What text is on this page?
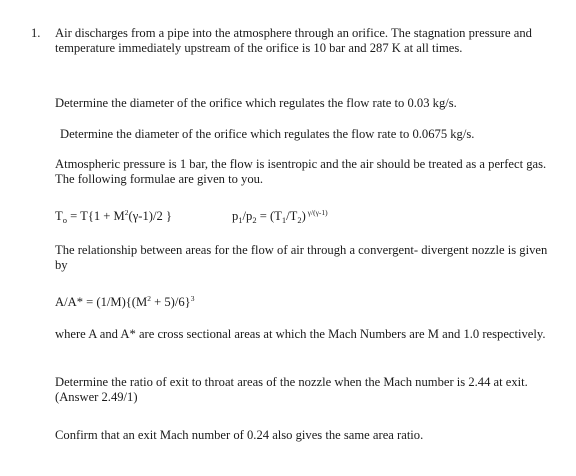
1. Air discharges from a pipe into the atmosphere through an orifice. The stagnation pressure and temperature immediately upstream of the orifice is 10 bar and 287 K at all times.
Determine the diameter of the orifice which regulates the flow rate to 0.03 kg/s.
Determine the diameter of the orifice which regulates the flow rate to 0.0675 kg/s.
Atmospheric pressure is 1 bar, the flow is isentropic and the air should be treated as a perfect gas. The following formulae are given to you.
$T_o = T\{1 + M^2(\gamma-1)/2$ }	$p_1/p_2 = (T_1/T_2)$ $^{\gamma/(\gamma-1)}$
The relationship between areas for the flow of air through a convergent- divergent nozzle is given by
$A/A* = (1/M)\{(M^2 + 5)/6\}^3$
where A and A* are cross sectional areas at which the Mach Numbers are M and 1.0 respectively.
Determine the ratio of exit to throat areas of the nozzle when the Mach number is 2.44 at exit. (Answer 2.49/1)
Confirm that an exit Mach number of 0.24 also gives the same area ratio.
